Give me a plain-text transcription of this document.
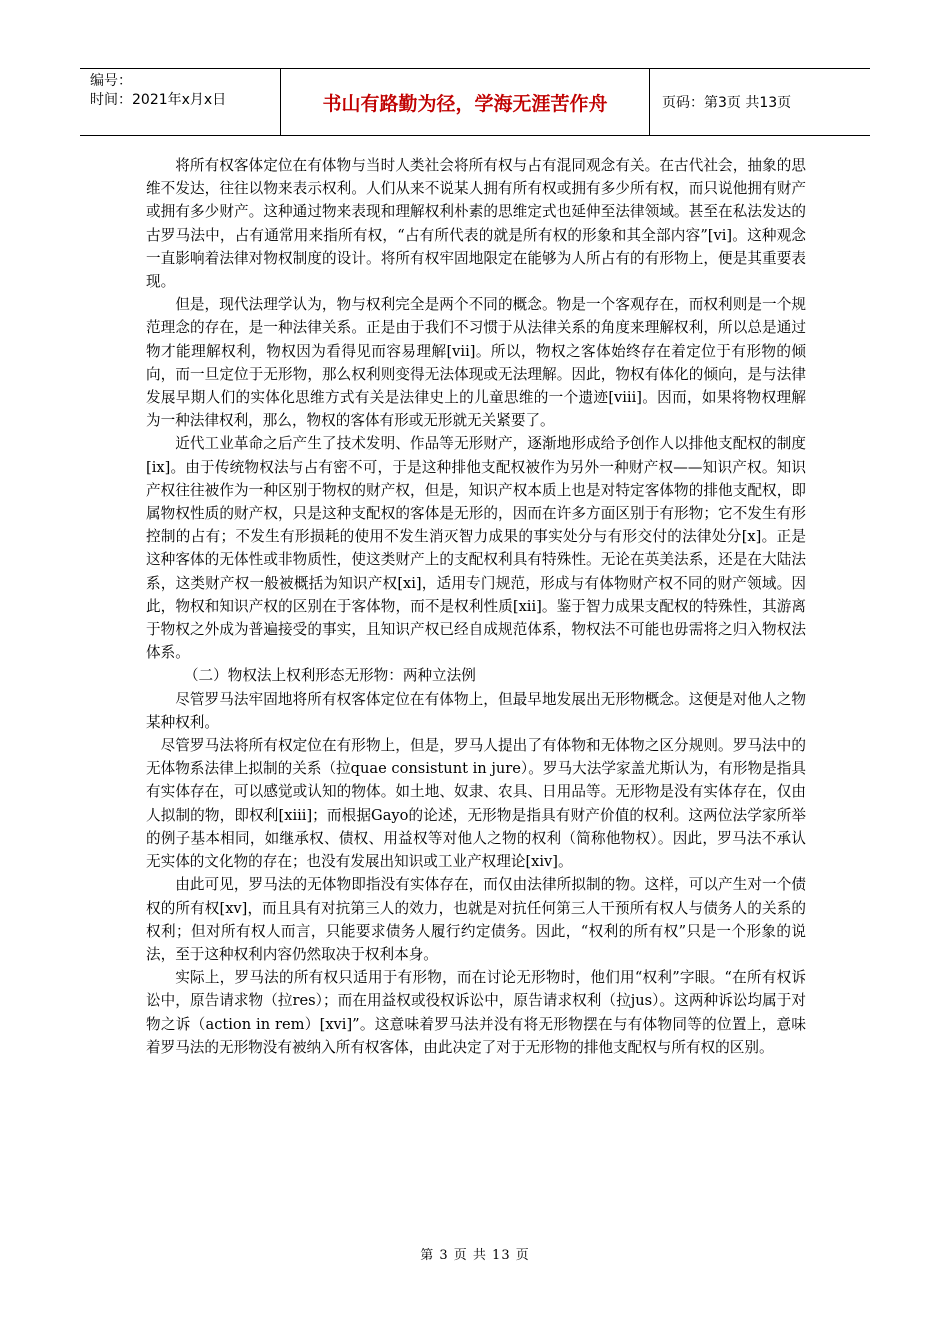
编号：
时间：2021年x月x日	书山有路勤为径，学海无涯苦作舟	页码：第3页 共13页

将所有权客体定位在有体物与当时人类社会将所有权与占有混同观念有关。在古代社会，抽象的思维不发达，往往以物来表示权利。人们从来不说某人拥有所有权或拥有多少所有权，而只说他拥有财产或拥有多少财产。这种通过物来表现和理解权利朴素的思维定式也延伸至法律领域。甚至在私法发达的古罗马法中，占有通常用来指所有权，“占有所代表的就是所有权的形象和其全部内容”[vi]。这种观念一直影响着法律对物权制度的设计。将所有权牢固地限定在能够为人所占有的有形物上，便是其重要表现。

但是，现代法理学认为，物与权利完全是两个不同的概念。物是一个客观存在，而权利则是一个规范理念的存在，是一种法律关系。正是由于我们不习惯于从法律关系的角度来理解权利，所以总是通过物才能理解权利，物权因为看得见而容易理解[vii]。所以，物权之客体始终存在着定位于有形物的倾向，而一旦定位于无形物，那么权利则变得无法体现或无法理解。因此，物权有体化的倾向，是与法律发展早期人们的实体化思维方式有关是法律史上的儿童思维的一个遗迹[viii]。因而，如果将物权理解为一种法律权利，那么，物权的客体有形或无形就无关紧要了。

近代工业革命之后产生了技术发明、作品等无形财产，逐渐地形成给予创作人以排他支配权的制度[ix]。由于传统物权法与占有密不可，于是这种排他支配权被作为另外一种财产权——知识产权。知识产权往往被作为一种区别于物权的财产权，但是，知识产权本质上也是对特定客体物的排他支配权，即属物权性质的财产权，只是这种支配权的客体是无形的，因而在许多方面区别于有形物；它不发生有形控制的占有；不发生有形损耗的使用不发生消灭智力成果的事实处分与有形交付的法律处分[x]。正是这种客体的无体性或非物质性，使这类财产上的支配权利具有特殊性。无论在英美法系，还是在大陆法系，这类财产权一般被概括为知识产权[xi]，适用专门规范，形成与有体物财产权不同的财产领域。因此，物权和知识产权的区别在于客体物，而不是权利性质[xii]。鉴于智力成果支配权的特殊性，其游离于物权之外成为普遍接受的事实，且知识产权已经自成规范体系，物权法不可能也毋需将之归入物权法体系。

（二）物权法上权利形态无形物：两种立法例

尽管罗马法牢固地将所有权客体定位在有体物上，但最早地发展出无形物概念。这便是对他人之物某种权利。

尽管罗马法将所有权定位在有形物上，但是，罗马人提出了有体物和无体物之区分规则。罗马法中的无体物系法律上拟制的关系（拉quae consistunt in jure）。罗马大法学家盖尤斯认为，有形物是指具有实体存在，可以感觉或认知的物体。如土地、奴隶、农具、日用品等。无形物是没有实体存在，仅由人拟制的物，即权利[xiii]；而根据Gayo的论述，无形物是指具有财产价值的权利。这两位法学家所举的例子基本相同，如继承权、债权、用益权等对他人之物的权利（简称他物权）。因此，罗马法不承认无实体的文化物的存在；也没有发展出知识或工业产权理论[xiv]。

由此可见，罗马法的无体物即指没有实体存在，而仅由法律所拟制的物。这样，可以产生对一个债权的所有权[xv]，而且具有对抗第三人的效力，也就是对抗任何第三人干预所有权人与债务人的关系的权利；但对所有权人而言，只能要求债务人履行约定债务。因此，“权利的所有权”只是一个形象的说法，至于这种权利内容仍然取决于权利本身。

实际上，罗马法的所有权只适用于有形物，而在讨论无形物时，他们用“权利”字眼。“在所有权诉讼中，原告请求物（拉res）；而在用益权或役权诉讼中，原告请求权利（拉jus）。这两种诉讼均属于对物之诉（action in rem）[xvi]”。这意味着罗马法并没有将无形物摆在与有体物同等的位置上，意味着罗马法的无形物没有被纳入所有权客体，由此决定了对于无形物的排他支配权与所有权的区别。

第 3 页 共 13 页
